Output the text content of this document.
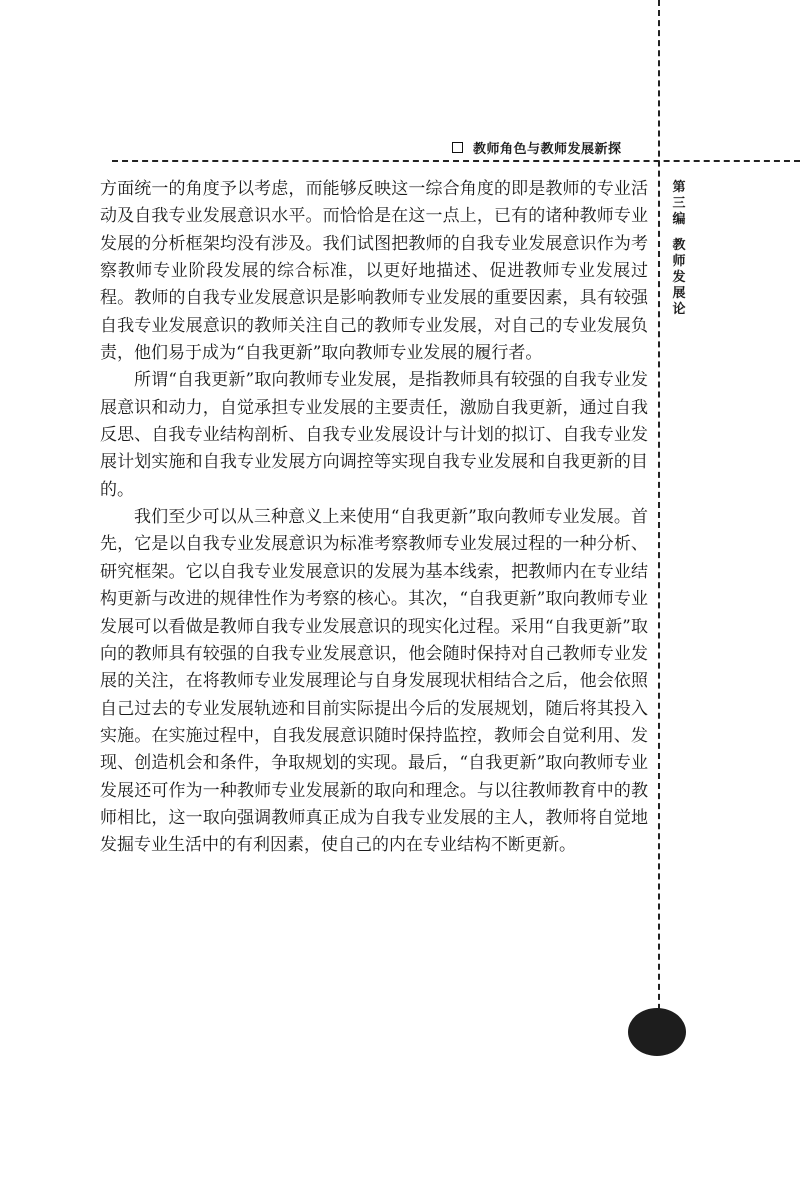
教师角色与教师发展新探
第三编
教师发展论

方面统一的角度予以考虑，而能够反映这一综合角度的即是教师的专业活动及自我专业发展意识水平。而恰恰是在这一点上，已有的诸种教师专业发展的分析框架均没有涉及。我们试图把教师的自我专业发展意识作为考察教师专业阶段发展的综合标准，以更好地描述、促进教师专业发展过程。教师的自我专业发展意识是影响教师专业发展的重要因素，具有较强自我专业发展意识的教师关注自己的教师专业发展，对自己的专业发展负责，他们易于成为“自我更新”取向教师专业发展的履行者。

所谓“自我更新”取向教师专业发展，是指教师具有较强的自我专业发展意识和动力，自觉承担专业发展的主要责任，激励自我更新，通过自我反思、自我专业结构剖析、自我专业发展设计与计划的拟订、自我专业发展计划实施和自我专业发展方向调控等实现自我专业发展和自我更新的目的。

我们至少可以从三种意义上来使用“自我更新”取向教师专业发展。首先，它是以自我专业发展意识为标准考察教师专业发展过程的一种分析、研究框架。它以自我专业发展意识的发展为基本线索，把教师内在专业结构更新与改进的规律性作为考察的核心。其次，“自我更新”取向教师专业发展可以看做是教师自我专业发展意识的现实化过程。采用“自我更新”取向的教师具有较强的自我专业发展意识，他会随时保持对自己教师专业发展的关注，在将教师专业发展理论与自身发展现状相结合之后，他会依照自己过去的专业发展轨迹和目前实际提出今后的发展规划，随后将其投入实施。在实施过程中，自我发展意识随时保持监控，教师会自觉利用、发现、创造机会和条件，争取规划的实现。最后，“自我更新”取向教师专业发展还可作为一种教师专业发展新的取向和理念。与以往教师教育中的教师相比，这一取向强调教师真正成为自我专业发展的主人，教师将自觉地发掘专业生活中的有利因素，使自己的内在专业结构不断更新。
